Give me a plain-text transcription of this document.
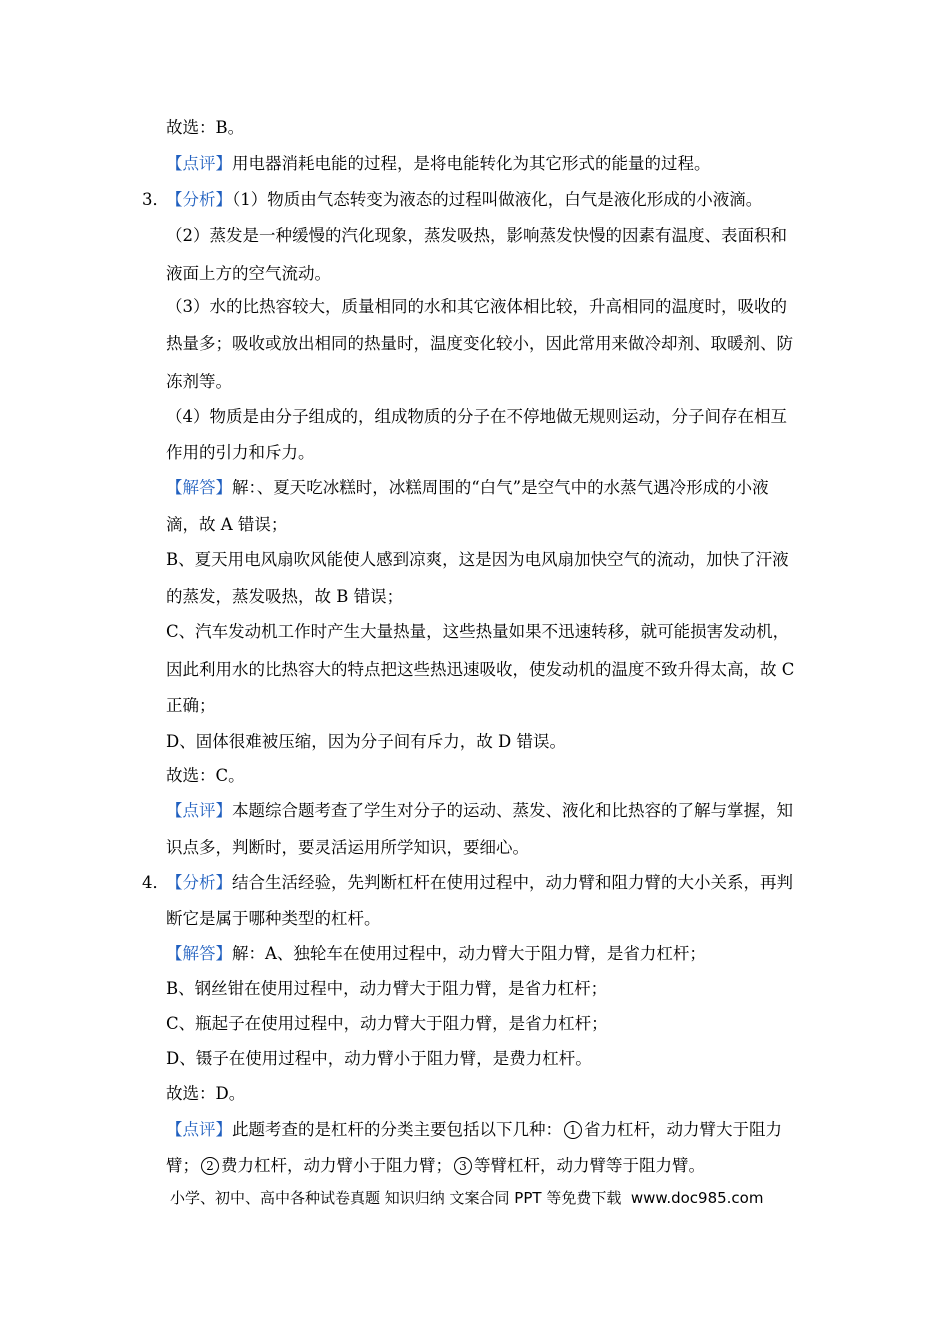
故选：B。
【点评】用电器消耗电能的过程，是将电能转化为其它形式的能量的过程。
3．
【分析】（1）物质由气态转变为液态的过程叫做液化，白气是液化形成的小液滴。
（2）蒸发是一种缓慢的汽化现象，蒸发吸热，影响蒸发快慢的因素有温度、表面积和
液面上方的空气流动。
（3）水的比热容较大，质量相同的水和其它液体相比较，升高相同的温度时，吸收的
热量多；吸收或放出相同的热量时，温度变化较小，因此常用来做冷却剂、取暖剂、防
冻剂等。
（4）物质是由分子组成的，组成物质的分子在不停地做无规则运动，分子间存在相互
作用的引力和斥力。
【解答】解：、夏天吃冰糕时，冰糕周围的“白气”是空气中的水蒸气遇冷形成的小液
滴，故 A 错误；
B、夏天用电风扇吹风能使人感到凉爽，这是因为电风扇加快空气的流动，加快了汗液
的蒸发，蒸发吸热，故 B 错误；
C、汽车发动机工作时产生大量热量，这些热量如果不迅速转移，就可能损害发动机，
因此利用水的比热容大的特点把这些热迅速吸收，使发动机的温度不致升得太高，故 C
正确；
D、固体很难被压缩，因为分子间有斥力，故 D 错误。
故选：C。
【点评】本题综合题考查了学生对分子的运动、蒸发、液化和比热容的了解与掌握，知
识点多，判断时，要灵活运用所学知识，要细心。
4．
【分析】结合生活经验，先判断杠杆在使用过程中，动力臂和阻力臂的大小关系，再判
断它是属于哪种类型的杠杆。
【解答】解：A、独轮车在使用过程中，动力臂大于阻力臂，是省力杠杆；
B、钢丝钳在使用过程中，动力臂大于阻力臂，是省力杠杆；
C、瓶起子在使用过程中，动力臂大于阻力臂，是省力杠杆；
D、镊子在使用过程中，动力臂小于阻力臂，是费力杠杆。
故选：D。
【点评】此题考查的是杠杆的分类主要包括以下几种： 1 省力杠杆，动力臂大于阻力
臂； 2 费力杠杆，动力臂小于阻力臂； 3 等臂杠杆，动力臂等于阻力臂。
小学、初中、高中各种试卷真题 知识归纳 文案合同 PPT 等免费下载 www.doc985.com
